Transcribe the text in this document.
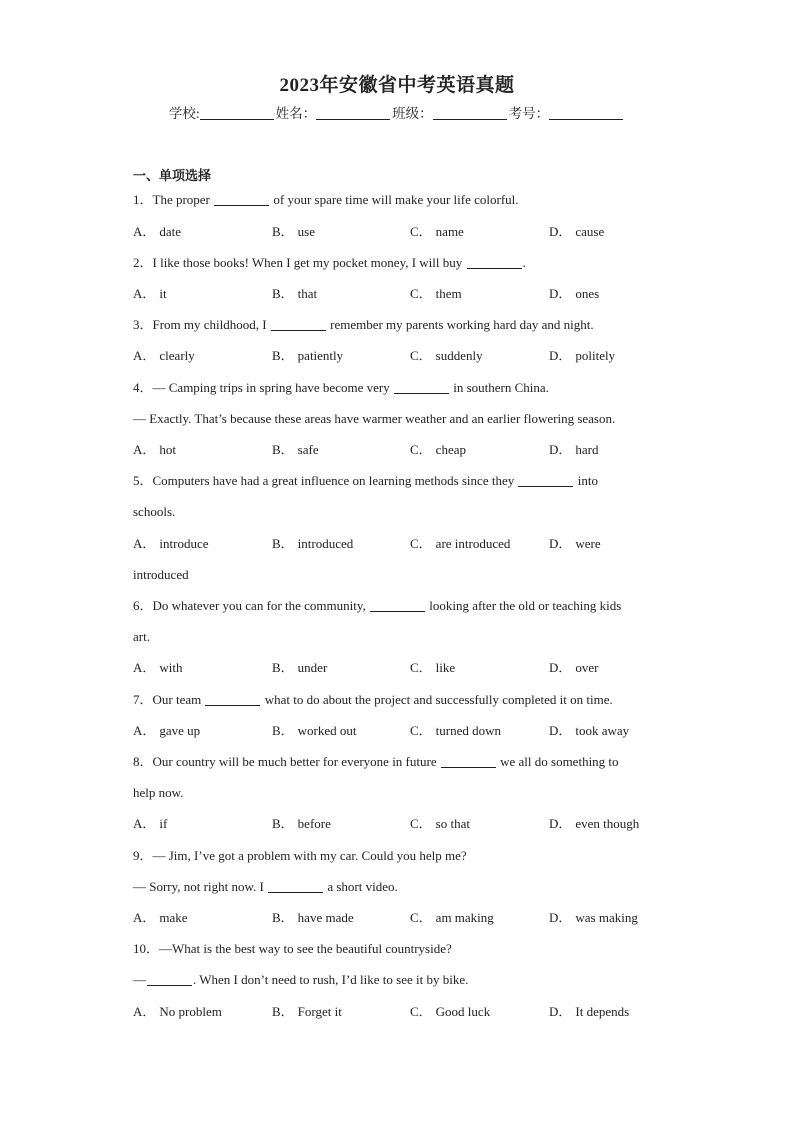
2023年安徽省中考英语真题
学校:	姓名：	班级：	考号：
一、单项选择
1．The proper	of your spare time will make your life colorful.
A． date	B． use	C． name	D． cause
2．I like those books! When I get my pocket money, I will buy	.
A． it	B． that	C． them	D． ones
3．From my childhood, I	remember my parents working hard day and night.
A． clearly	B． patiently	C． suddenly	D． politely
4．— Camping trips in spring have become very	in southern China.
— Exactly. That’s because these areas have warmer weather and an earlier flowering season.
A． hot	B． safe	C． cheap	D． hard
5．Computers have had a great influence on learning methods since they	into
schools.
A． introduce	B． introduced	C． are introduced	D． were
introduced
6．Do whatever you can for the community,	looking after the old or teaching kids
art.
A． with	B． under	C． like	D． over
7．Our team	what to do about the project and successfully completed it on time.
A． gave up	B． worked out	C． turned down	D． took away
8．Our country will be much better for everyone in future	we all do something to
help now.
A． if	B． before	C． so that	D． even though
9．— Jim, I’ve got a problem with my car. Could you help me?
— Sorry, not right now. I	a short video.
A． make	B． have made	C． am making	D． was making
10．—What is the best way to see the beautiful countryside?
—	. When I don’t need to rush, I’d like to see it by bike.
A． No problem	B． Forget it	C． Good luck	D． It depends
